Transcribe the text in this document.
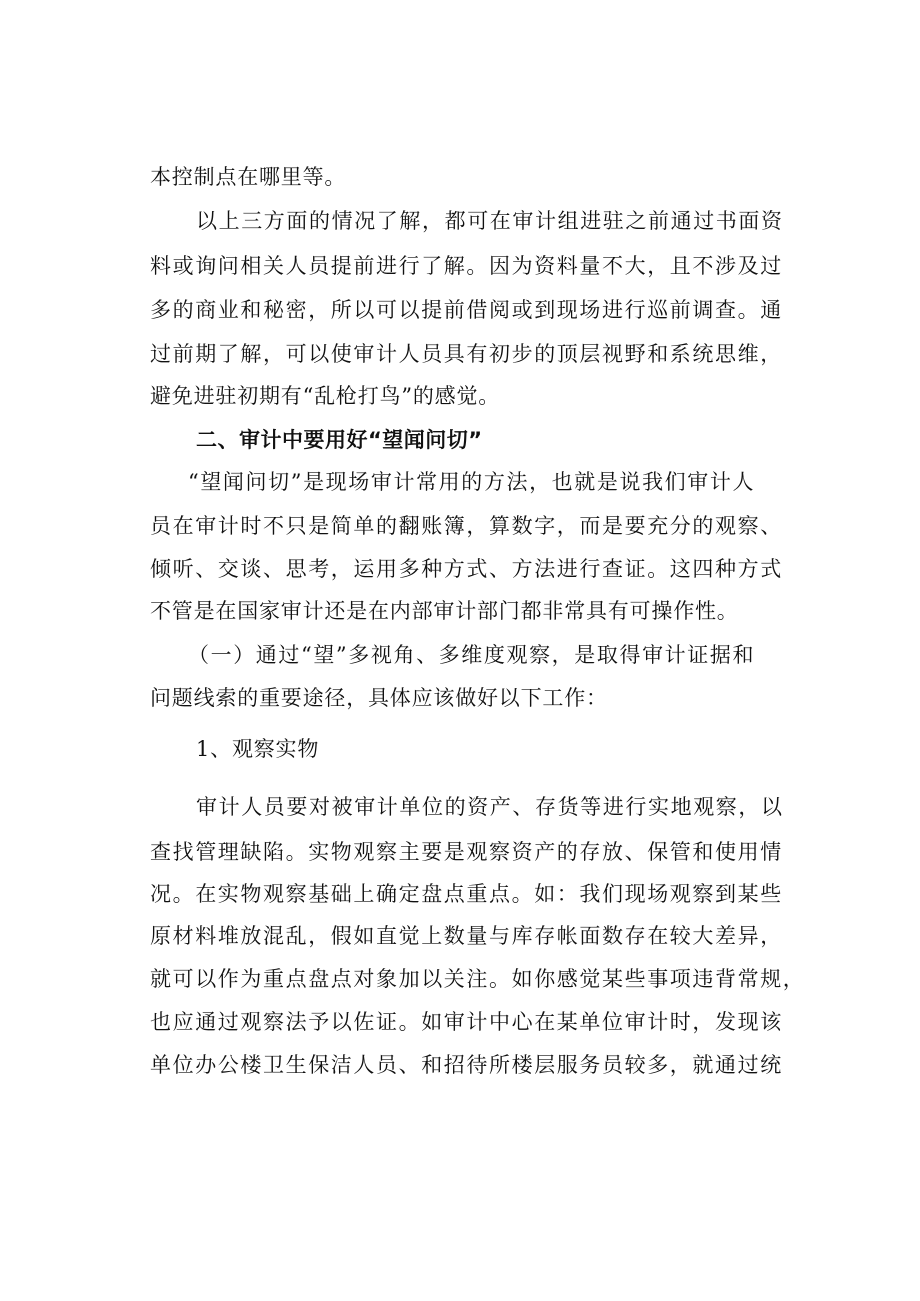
本控制点在哪里等。
以上三方面的情况了解，都可在审计组进驻之前通过书面资
料或询问相关人员提前进行了解。因为资料量不大，且不涉及过
多的商业和秘密，所以可以提前借阅或到现场进行巡前调查。通
过前期了解，可以使审计人员具有初步的顶层视野和系统思维，
避免进驻初期有“乱枪打鸟”的感觉。
二、审计中要用好“望闻问切”
“望闻问切”是现场审计常用的方法，也就是说我们审计人
员在审计时不只是简单的翻账簿，算数字，而是要充分的观察、
倾听、交谈、思考，运用多种方式、方法进行查证。这四种方式
不管是在国家审计还是在内部审计部门都非常具有可操作性。
（一）通过“望”多视角、多维度观察，是取得审计证据和
问题线索的重要途径，具体应该做好以下工作：
1、观察实物
审计人员要对被审计单位的资产、存货等进行实地观察，以
查找管理缺陷。实物观察主要是观察资产的存放、保管和使用情
况。在实物观察基础上确定盘点重点。如：我们现场观察到某些
原材料堆放混乱，假如直觉上数量与库存帐面数存在较大差异，
就可以作为重点盘点对象加以关注。如你感觉某些事项违背常规，
也应通过观察法予以佐证。如审计中心在某单位审计时，发现该
单位办公楼卫生保洁人员、和招待所楼层服务员较多，就通过统
